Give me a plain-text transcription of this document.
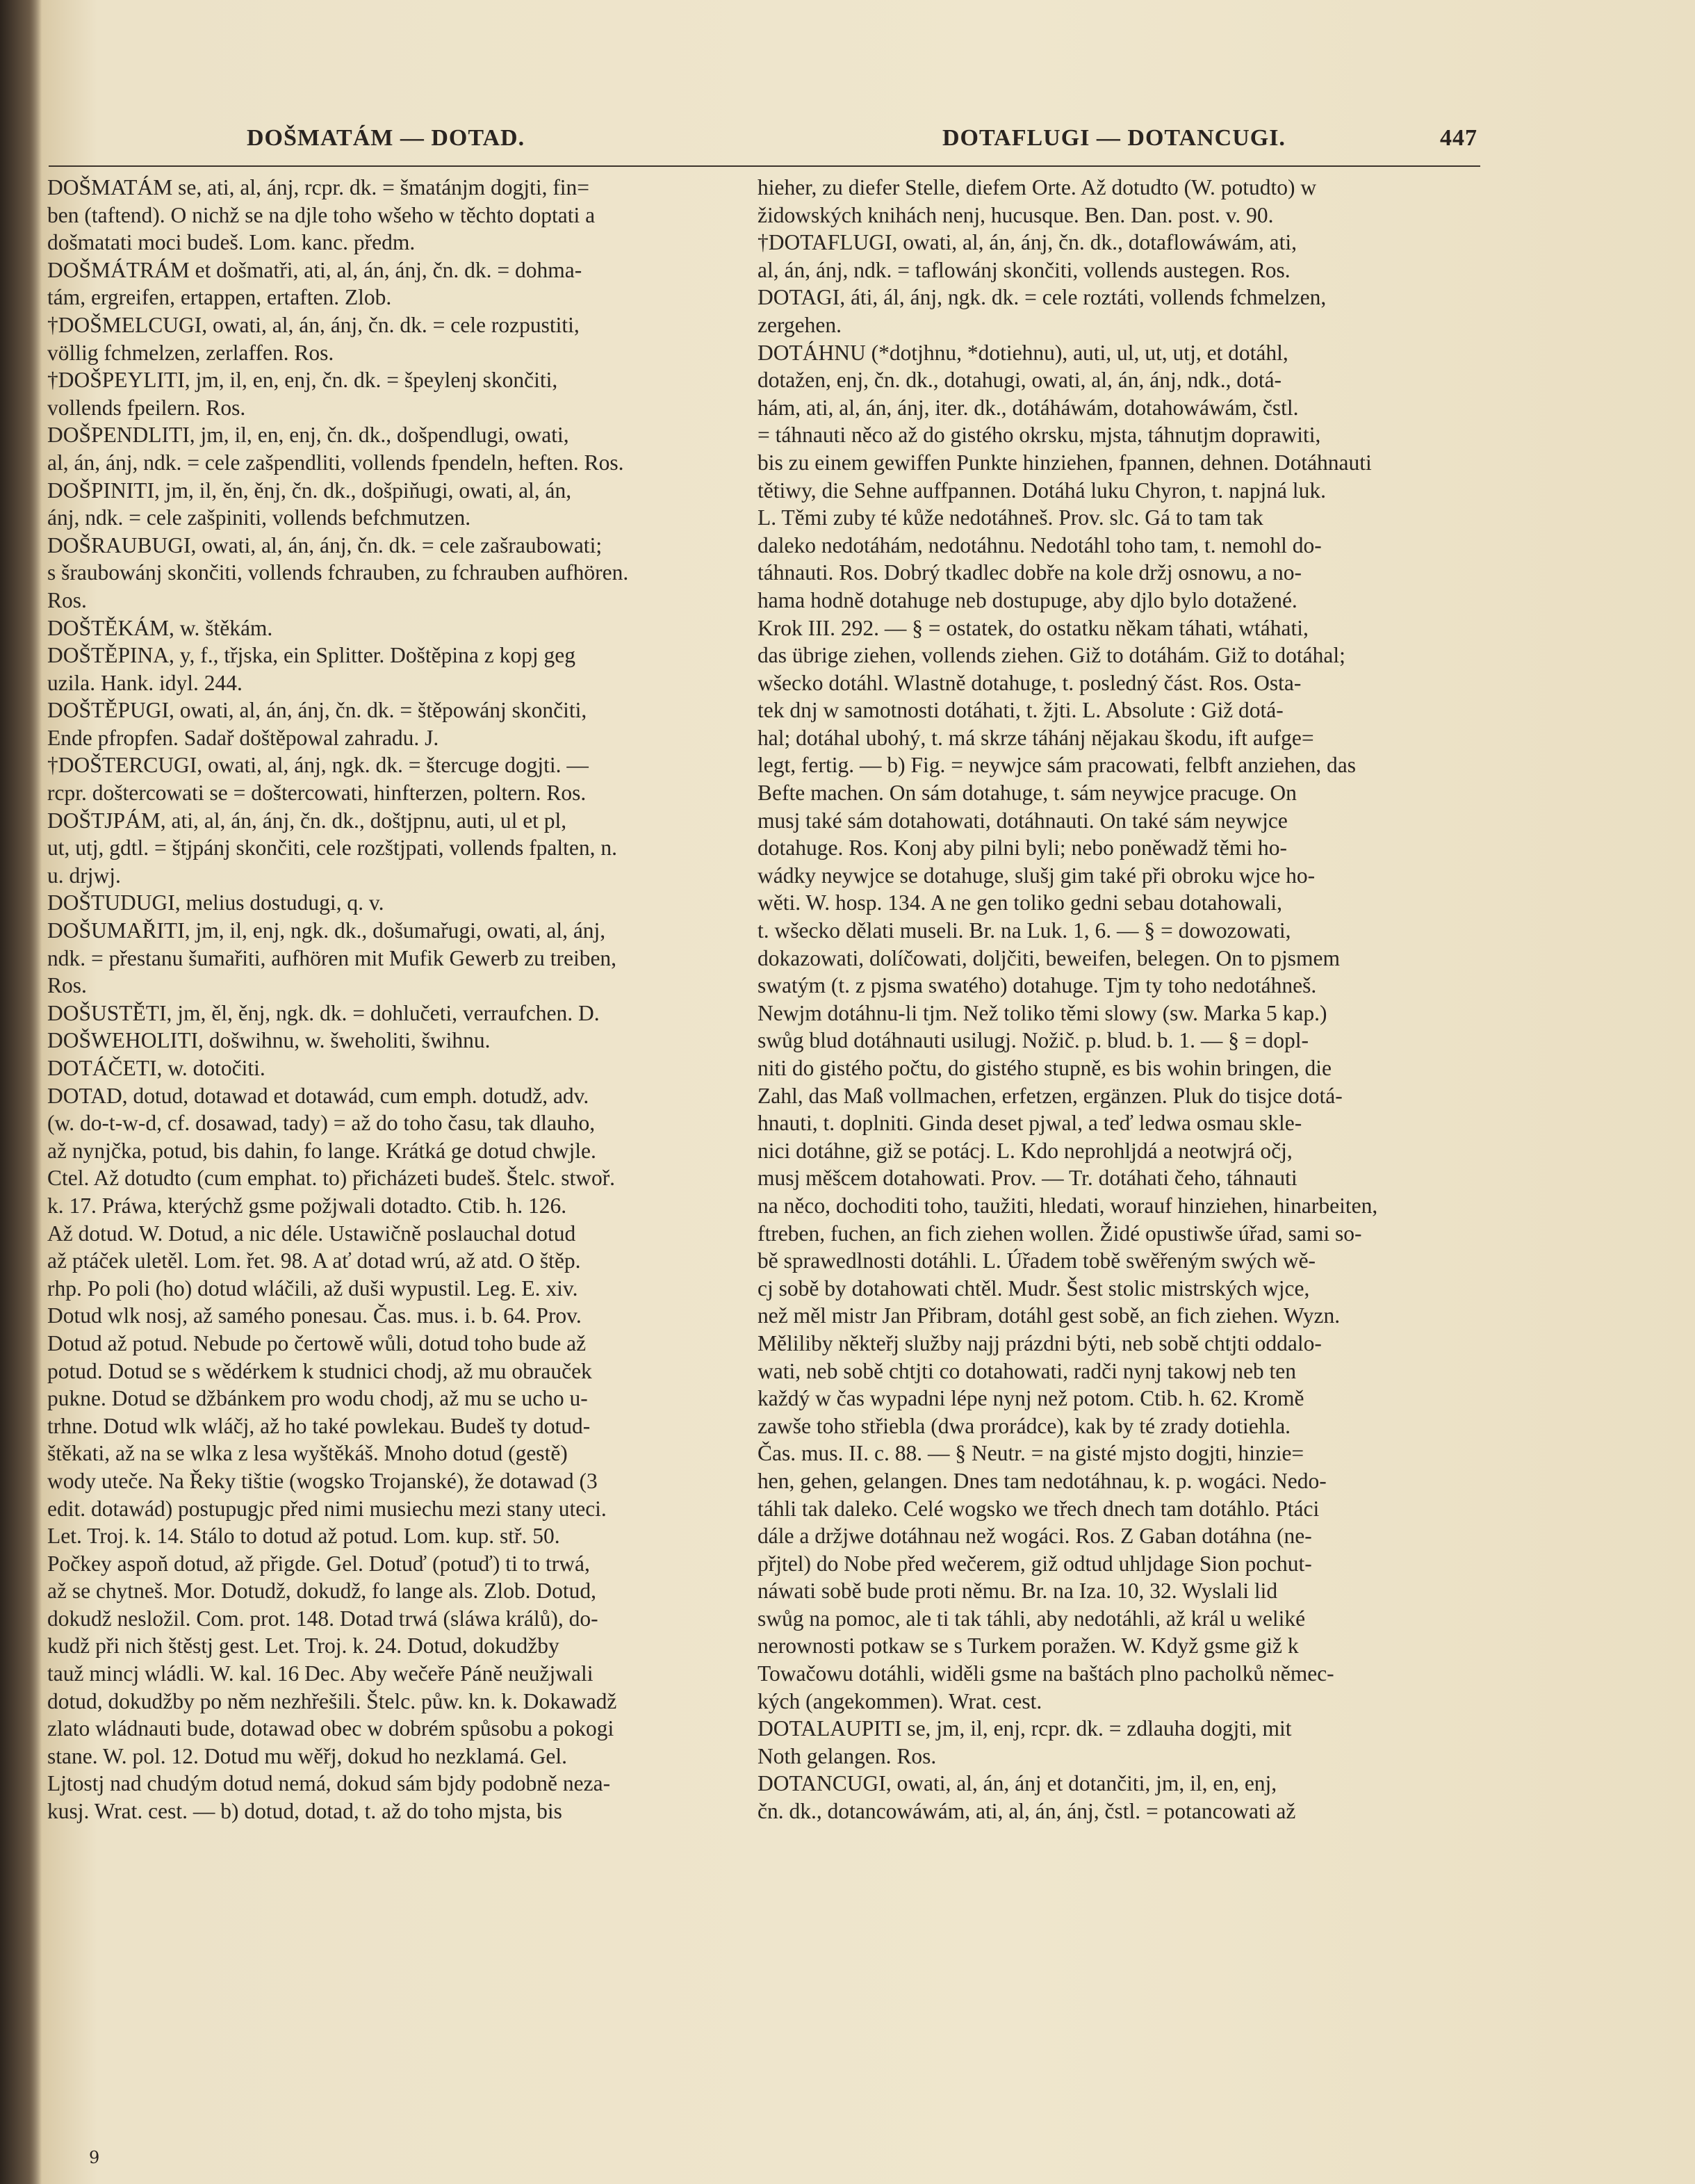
DOŠMATÁM — DOTAD.	DOTAFLUGI — DOTANCUGI.	447

DOŠMATÁM se, ati, al, ánj, rcpr. dk. = šmatánjm dogjti, fin=

ben (taftend). O nichž se na djle toho wšeho w těchto doptati a

došmatati moci budeš. Lom. kanc. předm.

DOŠMÁTRÁM et došmatři, ati, al, án, ánj, čn. dk. = dohma-

tám, ergreifen, ertappen, ertaften. Zlob.

†DOŠMELCUGI, owati, al, án, ánj, čn. dk. = cele rozpustiti,

völlig fchmelzen, zerlaffen. Ros.

†DOŠPEYLITI, jm, il, en, enj, čn. dk. = špeylenj skončiti,

vollends fpeilern. Ros.

DOŠPENDLITI, jm, il, en, enj, čn. dk., došpendlugi, owati,

al, án, ánj, ndk. = cele zašpendliti, vollends fpendeln, heften. Ros.

DOŠPINITI, jm, il, ěn, ěnj, čn. dk., došpiňugi, owati, al, án,

ánj, ndk. = cele zašpiniti, vollends befchmutzen.

DOŠRAUBUGI, owati, al, án, ánj, čn. dk. = cele zašraubowati;

s šraubowánj skončiti, vollends fchrauben, zu fchrauben aufhören.

Ros.

DOŠTĚKÁM, w. štěkám.

DOŠTĚPINA, y, f., třjska, ein Splitter. Doštěpina z kopj geg

uzila. Hank. idyl. 244.

DOŠTĚPUGI, owati, al, án, ánj, čn. dk. = štěpowánj skončiti,

Ende pfropfen. Sadař doštěpowal zahradu. J.

†DOŠTERCUGI, owati, al, ánj, ngk. dk. = štercuge dogjti. —

rcpr. doštercowati se = doštercowati, hinfterzen, poltern. Ros.

DOŠTJPÁM, ati, al, án, ánj, čn. dk., doštjpnu, auti, ul et pl,

ut, utj, gdtl. = štjpánj skončiti, cele rozštjpati, vollends fpalten, n.

u. drjwj.

DOŠTUDUGI, melius dostudugi, q. v.

DOŠUMAŘITI, jm, il, enj, ngk. dk., došumařugi, owati, al, ánj,

ndk. = přestanu šumařiti, aufhören mit Mufik Gewerb zu treiben,

Ros.

DOŠUSTĚTI, jm, ěl, ěnj, ngk. dk. = dohlučeti, verraufchen. D.

DOŠWEHOLITI, došwihnu, w. šweholiti, šwihnu.

DOTÁČETI, w. dotočiti.

DOTAD, dotud, dotawad et dotawád, cum emph. dotudž, adv.

(w. do-t-w-d, cf. dosawad, tady) = až do toho času, tak dlauho,

až nynjčka, potud, bis dahin, fo lange. Krátká ge dotud chwjle.

Ctel. Až dotudto (cum emphat. to) přicházeti budeš. Štelc. stwoř.

k. 17. Práwa, kterýchž gsme požjwali dotadto. Ctib. h. 126.

Až dotud. W. Dotud, a nic déle. Ustawičně poslauchal dotud

až ptáček uletěl. Lom. řet. 98. A ať dotad wrú, až atd. O štěp.

rhp. Po poli (ho) dotud wláčili, až duši wypustil. Leg. E. xiv.

Dotud wlk nosj, až samého ponesau. Čas. mus. i. b. 64. Prov.

Dotud až potud. Nebude po čertowě wůli, dotud toho bude až

potud. Dotud se s wědérkem k studnici chodj, až mu obrauček

pukne. Dotud se džbánkem pro wodu chodj, až mu se ucho u-

trhne. Dotud wlk wláčj, až ho také powlekau. Budeš ty dotud-

štěkati, až na se wlka z lesa wyštěkáš. Mnoho dotud (gestě)

wody uteče. Na Řeky tištie (wogsko Trojanské), že dotawad (3

edit. dotawád) postupugjc před nimi musiechu mezi stany uteci.

Let. Troj. k. 14. Stálo to dotud až potud. Lom. kup. stř. 50.

Počkey aspoň dotud, až přigde. Gel. Dotuď (potuď) ti to trwá,

až se chytneš. Mor. Dotudž, dokudž, fo lange als. Zlob. Dotud,

dokudž nesložil. Com. prot. 148. Dotad trwá (sláwa králů), do-

kudž při nich štěstj gest. Let. Troj. k. 24. Dotud, dokudžby

tauž mincj wládli. W. kal. 16 Dec. Aby wečeře Páně neužjwali

dotud, dokudžby po něm nezhřešili. Štelc. půw. kn. k. Dokawadž

zlato wládnauti bude, dotawad obec w dobrém spůsobu a pokogi

stane. W. pol. 12. Dotud mu wěřj, dokud ho nezklamá. Gel.

Ljtostj nad chudým dotud nemá, dokud sám bjdy podobně neza-

kusj. Wrat. cest. — b) dotud, dotad, t. až do toho mjsta, bis

hieher, zu diefer Stelle, diefem Orte. Až dotudto (W. potudto) w

židowských knihách nenj, hucusque. Ben. Dan. post. v. 90.

†DOTAFLUGI, owati, al, án, ánj, čn. dk., dotaflowáwám, ati,

al, án, ánj, ndk. = taflowánj skončiti, vollends austegen. Ros.

DOTAGI, áti, ál, ánj, ngk. dk. = cele roztáti, vollends fchmelzen,

zergehen.

DOTÁHNU (*dotjhnu, *dotiehnu), auti, ul, ut, utj, et dotáhl,

dotažen, enj, čn. dk., dotahugi, owati, al, án, ánj, ndk., dotá-

hám, ati, al, án, ánj, iter. dk., dotáháwám, dotahowáwám, čstl.

= táhnauti něco až do gistého okrsku, mjsta, táhnutjm doprawiti,

bis zu einem gewiffen Punkte hinziehen, fpannen, dehnen. Dotáhnauti

tětiwy, die Sehne auffpannen. Dotáhá luku Chyron, t. napjná luk.

L. Těmi zuby té kůže nedotáhneš. Prov. slc. Gá to tam tak

daleko nedotáhám, nedotáhnu. Nedotáhl toho tam, t. nemohl do-

táhnauti. Ros. Dobrý tkadlec dobře na kole držj osnowu, a no-

hama hodně dotahuge neb dostupuge, aby djlo bylo dotažené.

Krok III. 292. — § = ostatek, do ostatku někam táhati, wtáhati,

das übrige ziehen, vollends ziehen. Giž to dotáhám. Giž to dotáhal;

wšecko dotáhl. Wlastně dotahuge, t. posledný část. Ros. Osta-

tek dnj w samotnosti dotáhati, t. žjti. L. Absolute : Giž dotá-

hal; dotáhal ubohý, t. má skrze táhánj nějakau škodu, ift aufge=

legt, fertig. — b) Fig. = neywjce sám pracowati, felbft anziehen, das

Befte machen. On sám dotahuge, t. sám neywjce pracuge. On

musj také sám dotahowati, dotáhnauti. On také sám neywjce

dotahuge. Ros. Konj aby pilni byli; nebo poněwadž těmi ho-

wádky neywjce se dotahuge, slušj gim také při obroku wjce ho-

wěti. W. hosp. 134. A ne gen toliko gedni sebau dotahowali,

t. wšecko dělati museli. Br. na Luk. 1, 6. — § = dowozowati,

dokazowati, dolíčowati, doljčiti, beweifen, belegen. On to pjsmem

swatým (t. z pjsma swatého) dotahuge. Tjm ty toho nedotáhneš.

Newjm dotáhnu-li tjm. Než toliko těmi slowy (sw. Marka 5 kap.)

swůg blud dotáhnauti usilugj. Nožič. p. blud. b. 1. — § = dopl-

niti do gistého počtu, do gistého stupně, es bis wohin bringen, die

Zahl, das Maß vollmachen, erfetzen, ergänzen. Pluk do tisjce dotá-

hnauti, t. doplniti. Ginda deset pjwal, a teď ledwa osmau skle-

nici dotáhne, giž se potácj. L. Kdo neprohljdá a neotwjrá očj,

musj měšcem dotahowati. Prov. — Tr. dotáhati čeho, táhnauti

na něco, dochoditi toho, taužiti, hledati, worauf hinziehen, hinarbeiten,

ftreben, fuchen, an fich ziehen wollen. Židé opustiwše úřad, sami so-

bě sprawedlnosti dotáhli. L. Úřadem tobě swěřeným swých wě-

cj sobě by dotahowati chtěl. Mudr. Šest stolic mistrských wjce,

než měl mistr Jan Přibram, dotáhl gest sobě, an fich ziehen. Wyzn.

Měliliby někteřj služby najj prázdni býti, neb sobě chtjti oddalo-

wati, neb sobě chtjti co dotahowati, radči nynj takowj neb ten

každý w čas wypadni lépe nynj než potom. Ctib. h. 62. Kromě

zawše toho střiebla (dwa prorádce), kak by té zrady dotiehla.

Čas. mus. II. c. 88. — § Neutr. = na gisté mjsto dogjti, hinzie=

hen, gehen, gelangen. Dnes tam nedotáhnau, k. p. wogáci. Nedo-

táhli tak daleko. Celé wogsko we třech dnech tam dotáhlo. Ptáci

dále a držjwe dotáhnau než wogáci. Ros. Z Gaban dotáhna (ne-

přjtel) do Nobe před wečerem, giž odtud uhljdage Sion pochut-

náwati sobě bude proti němu. Br. na Iza. 10, 32. Wyslali lid

swůg na pomoc, ale ti tak táhli, aby nedotáhli, až král u weliké

nerownosti potkaw se s Turkem poražen. W. Když gsme giž k

Towačowu dotáhli, widěli gsme na baštách plno pacholků němec-

kých (angekommen). Wrat. cest.

DOTALAUPITI se, jm, il, enj, rcpr. dk. = zdlauha dogjti, mit

Noth gelangen. Ros.

DOTANCUGI, owati, al, án, ánj et dotančiti, jm, il, en, enj,

čn. dk., dotancowáwám, ati, al, án, ánj, čstl. = potancowati až

9
